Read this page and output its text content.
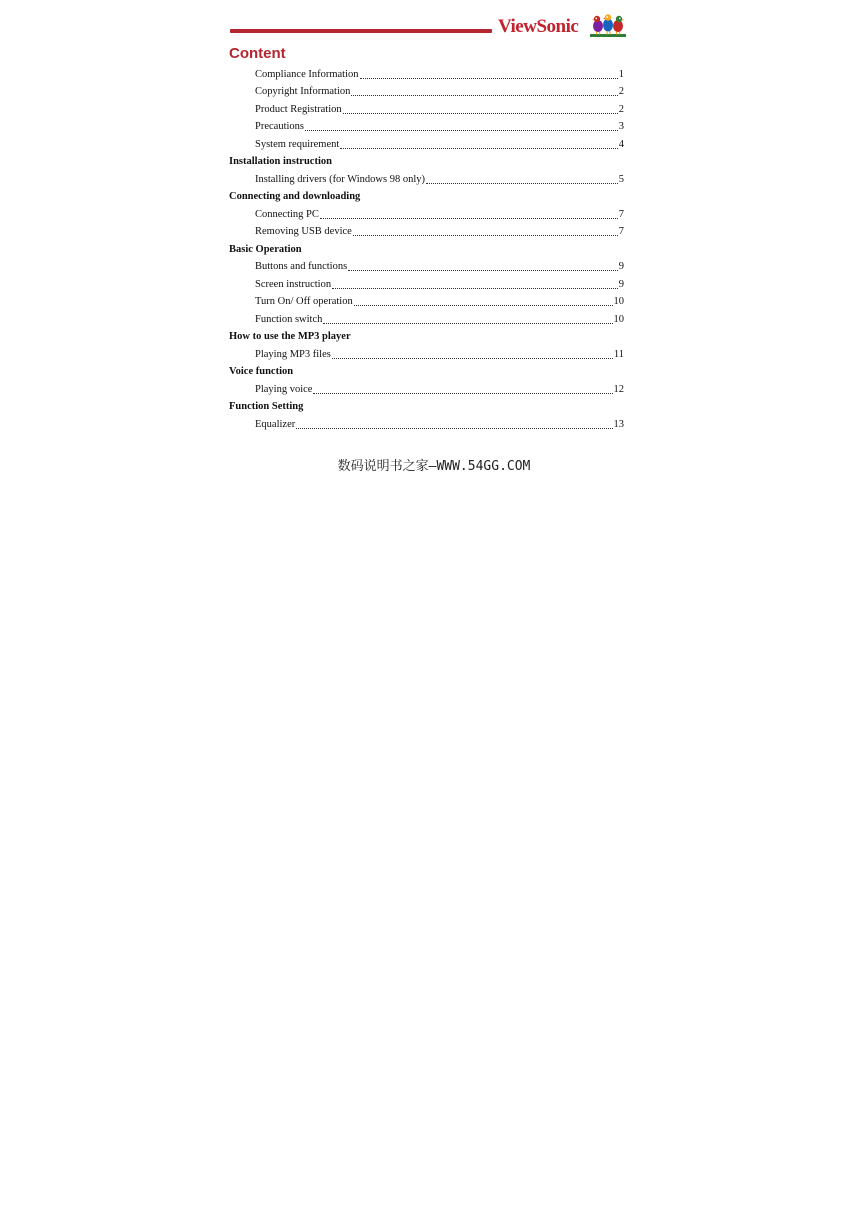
ViewSonic
Content
Compliance Information	1
Copyright Information	2
Product Registration	2
Precautions	3
System requirement	4
Installation instruction
Installing drivers (for Windows 98 only)	5
Connecting and downloading
Connecting PC	7
Removing USB device	7
Basic Operation
Buttons and functions	9
Screen instruction	9
Turn On/ Off operation	10
Function switch	10
How to use the MP3 player
Playing MP3 files	11
Voice function
Playing voice	12
Function Setting
Equalizer	13
数码说明书之家—WWW.54GG.COM
